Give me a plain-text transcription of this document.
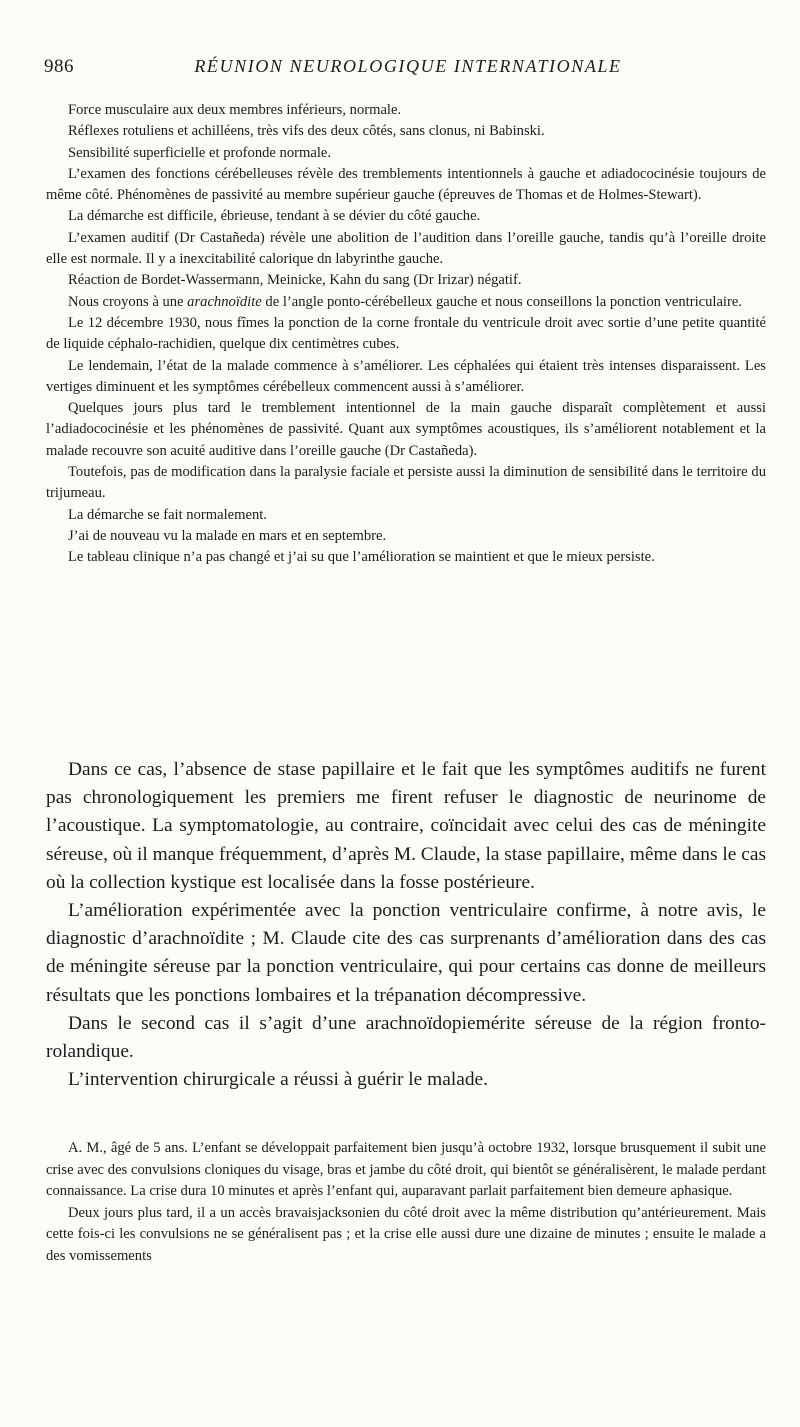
986	RÉUNION NEUROLOGIQUE INTERNATIONALE

Force musculaire aux deux membres inférieurs, normale.

Réflexes rotuliens et achilléens, très vifs des deux côtés, sans clonus, ni Babinski.

Sensibilité superficielle et profonde normale.

L’examen des fonctions cérébelleuses révèle des tremblements intentionnels à gauche et adiadococinésie toujours de même côté. Phénomènes de passivité au membre supérieur gauche (épreuves de Thomas et de Holmes-Stewart).

La démarche est difficile, ébrieuse, tendant à se dévier du côté gauche.

L’examen auditif (Dr Castañeda) révèle une abolition de l’audition dans l’oreille gauche, tandis qu’à l’oreille droite elle est normale. Il y a inexcitabilité calorique dn labyrinthe gauche.

Réaction de Bordet-Wassermann, Meinicke, Kahn du sang (Dr Irizar) négatif.

Nous croyons à une arachnoïdite de l’angle ponto-cérébelleux gauche et nous conseillons la ponction ventriculaire.

Le 12 décembre 1930, nous fîmes la ponction de la corne frontale du ventricule droit avec sortie d’une petite quantité de liquide céphalo-rachidien, quelque dix centimètres cubes.

Le lendemain, l’état de la malade commence à s’améliorer. Les céphalées qui étaient très intenses disparaissent. Les vertiges diminuent et les symptômes cérébelleux commencent aussi à s’améliorer.

Quelques jours plus tard le tremblement intentionnel de la main gauche disparaît complètement et aussi l’adiadococinésie et les phénomènes de passivité. Quant aux symptômes acoustiques, ils s’améliorent notablement et la malade recouvre son acuité auditive dans l’oreille gauche (Dr Castañeda).

Toutefois, pas de modification dans la paralysie faciale et persiste aussi la diminution de sensibilité dans le territoire du trijumeau.

La démarche se fait normalement.

J’ai de nouveau vu la malade en mars et en septembre.

Le tableau clinique n’a pas changé et j’ai su que l’amélioration se maintient et que le mieux persiste.

Dans ce cas, l’absence de stase papillaire et le fait que les symptômes auditifs ne furent pas chronologiquement les premiers me firent refuser le diagnostic de neurinome de l’acoustique. La symptomatologie, au contraire, coïncidait avec celui des cas de méningite séreuse, où il manque fréquemment, d’après M. Claude, la stase papillaire, même dans le cas où la collection kystique est localisée dans la fosse postérieure.

L’amélioration expérimentée avec la ponction ventriculaire confirme, à notre avis, le diagnostic d’arachnoïdite ; M. Claude cite des cas surprenants d’amélioration dans des cas de méningite séreuse par la ponction ventriculaire, qui pour certains cas donne de meilleurs résultats que les ponctions lombaires et la trépanation décompressive.

Dans le second cas il s’agit d’une arachnoïdopiemérite séreuse de la région fronto-rolandique.

L’intervention chirurgicale a réussi à guérir le malade.

A. M., âgé de 5 ans. L’enfant se développait parfaitement bien jusqu’à octobre 1932, lorsque brusquement il subit une crise avec des convulsions cloniques du visage, bras et jambe du côté droit, qui bientôt se généralisèrent, le malade perdant connaissance. La crise dura 10 minutes et après l’enfant qui, auparavant parlait parfaitement bien demeure aphasique.

Deux jours plus tard, il a un accès bravaisjacksonien du côté droit avec la même distribution qu’antérieurement. Mais cette fois-ci les convulsions ne se généralisent pas ; et la crise elle aussi dure une dizaine de minutes ; ensuite le malade a des vomissements
